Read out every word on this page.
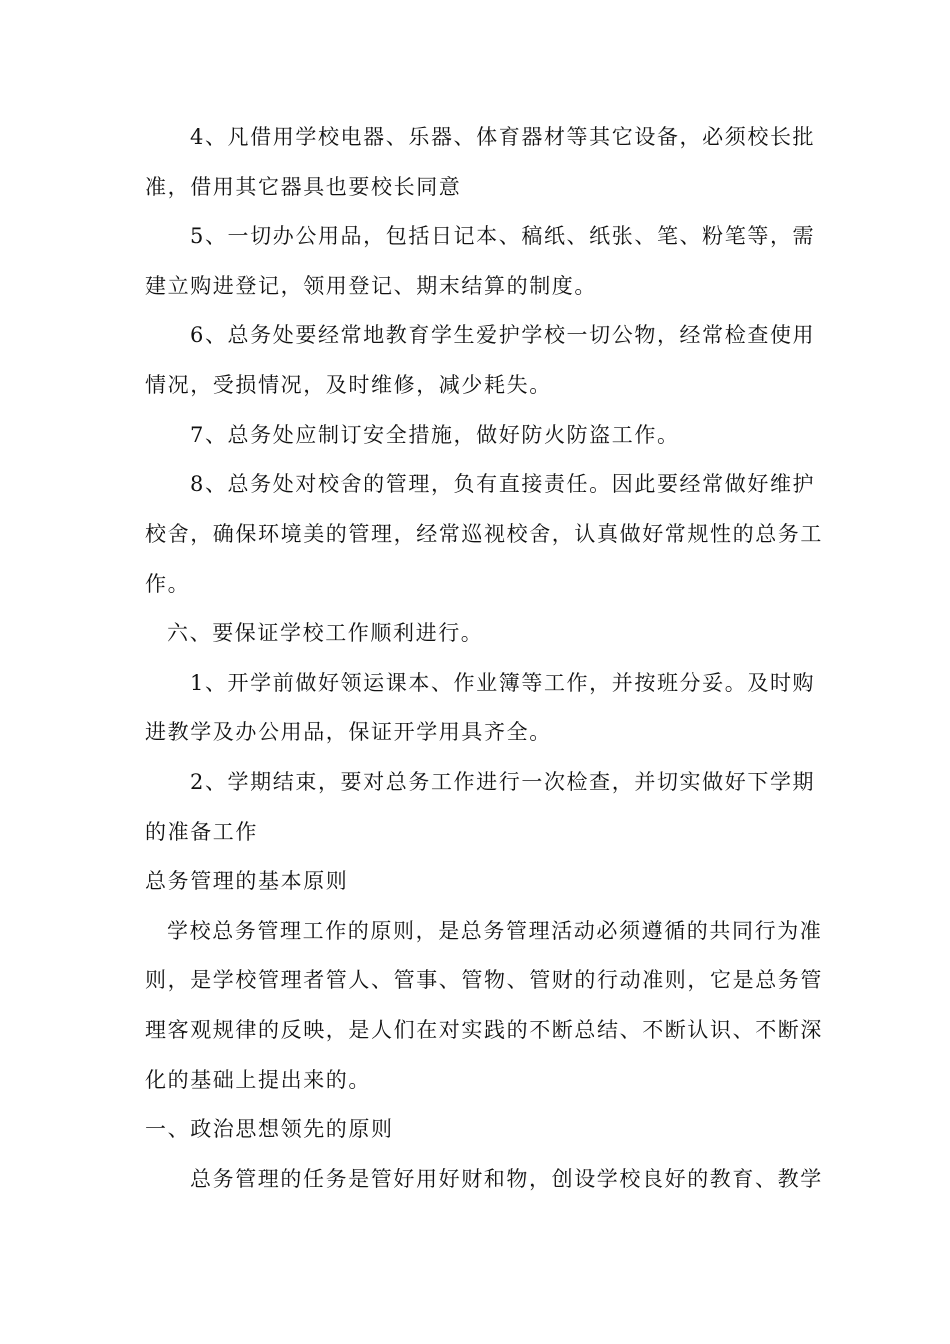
4、凡借用学校电器、乐器、体育器材等其它设备，必须校长批
准，借用其它器具也要校长同意
5、一切办公用品，包括日记本、稿纸、纸张、笔、粉笔等，需
建立购进登记，领用登记、期末结算的制度。
6、总务处要经常地教育学生爱护学校一切公物，经常检查使用
情况，受损情况，及时维修，减少耗失。
7、总务处应制订安全措施，做好防火防盗工作。
8、总务处对校舍的管理，负有直接责任。因此要经常做好维护
校舍，确保环境美的管理，经常巡视校舍，认真做好常规性的总务工
作。
六、要保证学校工作顺利进行。
1、开学前做好领运课本、作业簿等工作，并按班分妥。及时购
进教学及办公用品，保证开学用具齐全。
2、学期结束，要对总务工作进行一次检查，并切实做好下学期
的准备工作
总务管理的基本原则
学校总务管理工作的原则，是总务管理活动必须遵循的共同行为准
则，是学校管理者管人、管事、管物、管财的行动准则，它是总务管
理客观规律的反映，是人们在对实践的不断总结、不断认识、不断深
化的基础上提出来的。
一、政治思想领先的原则
总务管理的任务是管好用好财和物，创设学校良好的教育、教学
